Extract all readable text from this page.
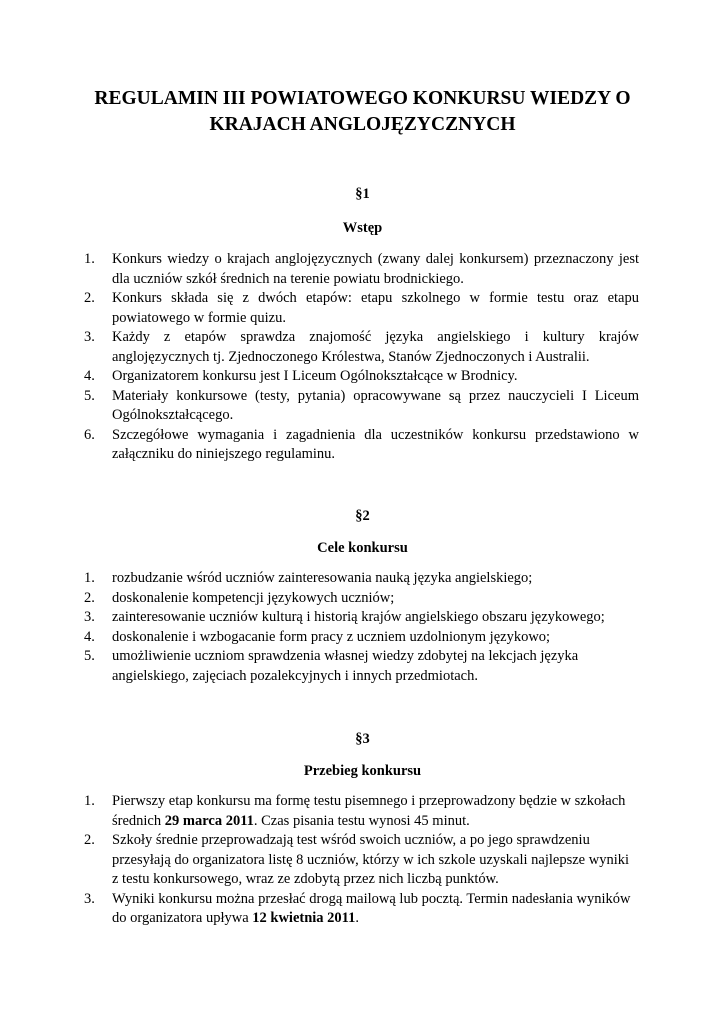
REGULAMIN III POWIATOWEGO KONKURSU WIEDZY O
KRAJACH ANGLOJĘZYCZNYCH
§1
Wstęp
1. Konkurs wiedzy o krajach anglojęzycznych (zwany dalej konkursem) przeznaczony jest dla uczniów szkół średnich na terenie powiatu brodnickiego.
2. Konkurs składa się z dwóch etapów: etapu szkolnego w formie testu oraz etapu powiatowego w formie quizu.
3. Każdy z etapów sprawdza znajomość języka angielskiego i kultury krajów anglojęzycznych tj. Zjednoczonego Królestwa, Stanów Zjednoczonych i Australii.
4. Organizatorem konkursu jest I Liceum Ogólnokształcące w Brodnicy.
5. Materiały konkursowe (testy, pytania) opracowywane są przez nauczycieli I Liceum Ogólnokształcącego.
6. Szczegółowe wymagania i zagadnienia dla uczestników konkursu przedstawiono w załączniku do niniejszego regulaminu.
§2
Cele konkursu
1. rozbudzanie wśród uczniów zainteresowania nauką języka angielskiego;
2. doskonalenie kompetencji językowych uczniów;
3. zainteresowanie uczniów kulturą i historią krajów angielskiego obszaru językowego;
4. doskonalenie i wzbogacanie form pracy z uczniem uzdolnionym językowo;
5. umożliwienie uczniom sprawdzenia własnej wiedzy zdobytej na lekcjach języka angielskiego, zajęciach pozalekcyjnych i innych przedmiotach.
§3
Przebieg konkursu
1. Pierwszy etap konkursu ma formę testu pisemnego i przeprowadzony będzie w szkołach średnich 29 marca 2011. Czas pisania testu wynosi 45 minut.
2. Szkoły średnie przeprowadzają test wśród swoich uczniów, a po jego sprawdzeniu przesyłają do organizatora listę 8 uczniów, którzy w ich szkole uzyskali najlepsze wyniki z testu konkursowego, wraz ze zdobytą przez nich liczbą punktów.
3. Wyniki konkursu można przesłać drogą mailową lub pocztą. Termin nadesłania wyników do organizatora upływa 12 kwietnia 2011.
